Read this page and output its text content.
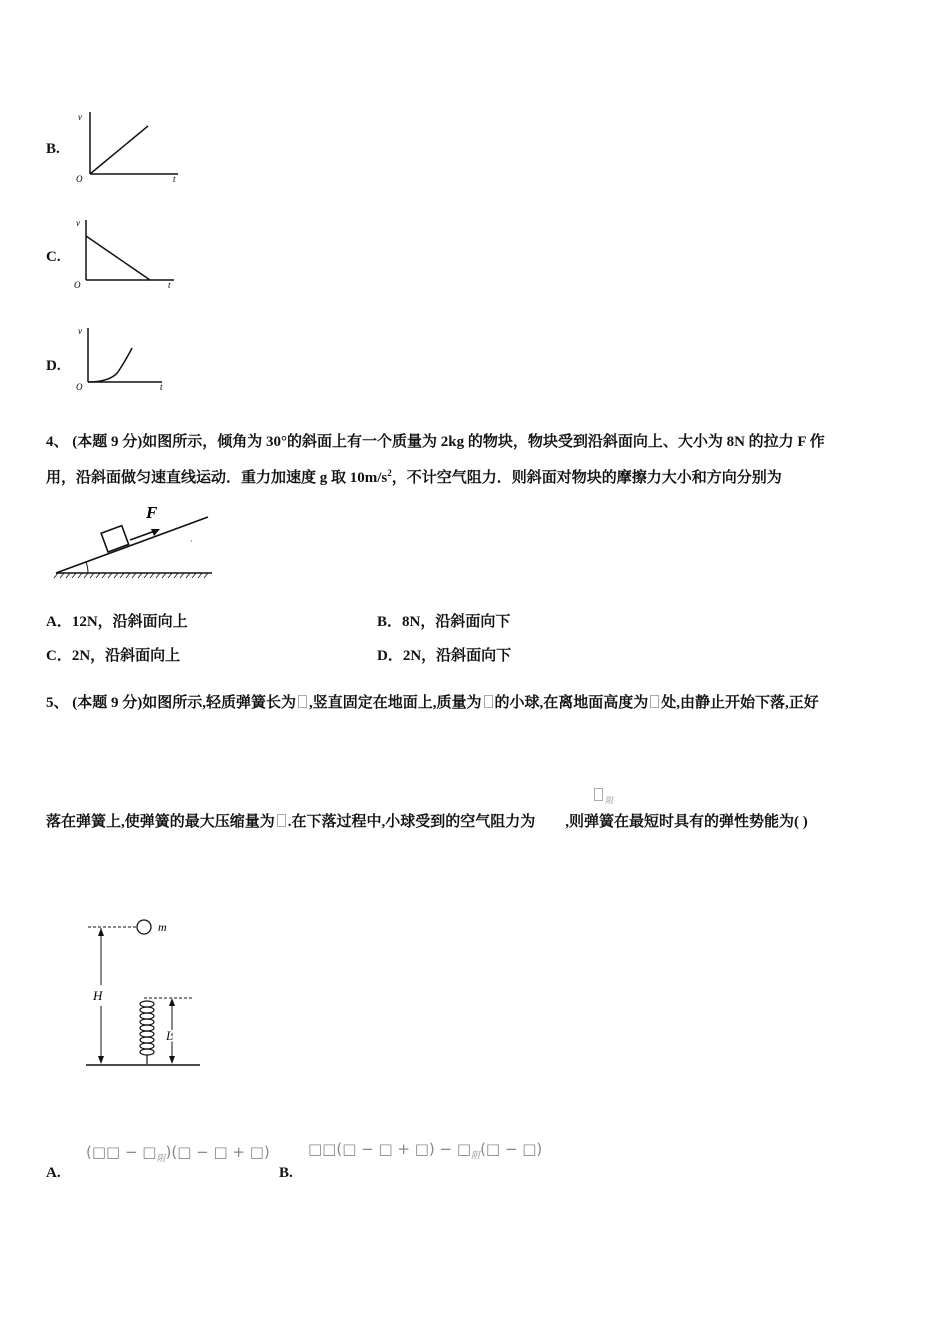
B.
v
O	t
C.
v
O	t
D.
v
O	t
4、 (本题 9 分)如图所示，倾角为 30°的斜面上有一个质量为 2kg 的物块，物块受到沿斜面向上、大小为 8N 的拉力 F 作
用，沿斜面做匀速直线运动．重力加速度 g 取 $10m/s^2$，不计空气阻力．则斜面对物块的摩擦力大小和方向分别为
F
·
A．12N，沿斜面向上	B．8N，沿斜面向下
C．2N，沿斜面向上	D．2N，沿斜面向下
5、 (本题 9 分)如图所示,轻质弹簧长为 ,竖直固定在地面上,质量为 的小球,在离地面高度为 处,由静止开始下落,正好
$_阻$
落在弹簧上,使弹簧的最大压缩量为 .在下落过程中,小球受到的空气阻力为 ,则弹簧在最短时具有的弹性势能为( )
m
H
L
A.
(□□ − $□_阻)(□$ − □ + □)
B.
□□(□ − □ + □) − $□_阻(□$ − □)
